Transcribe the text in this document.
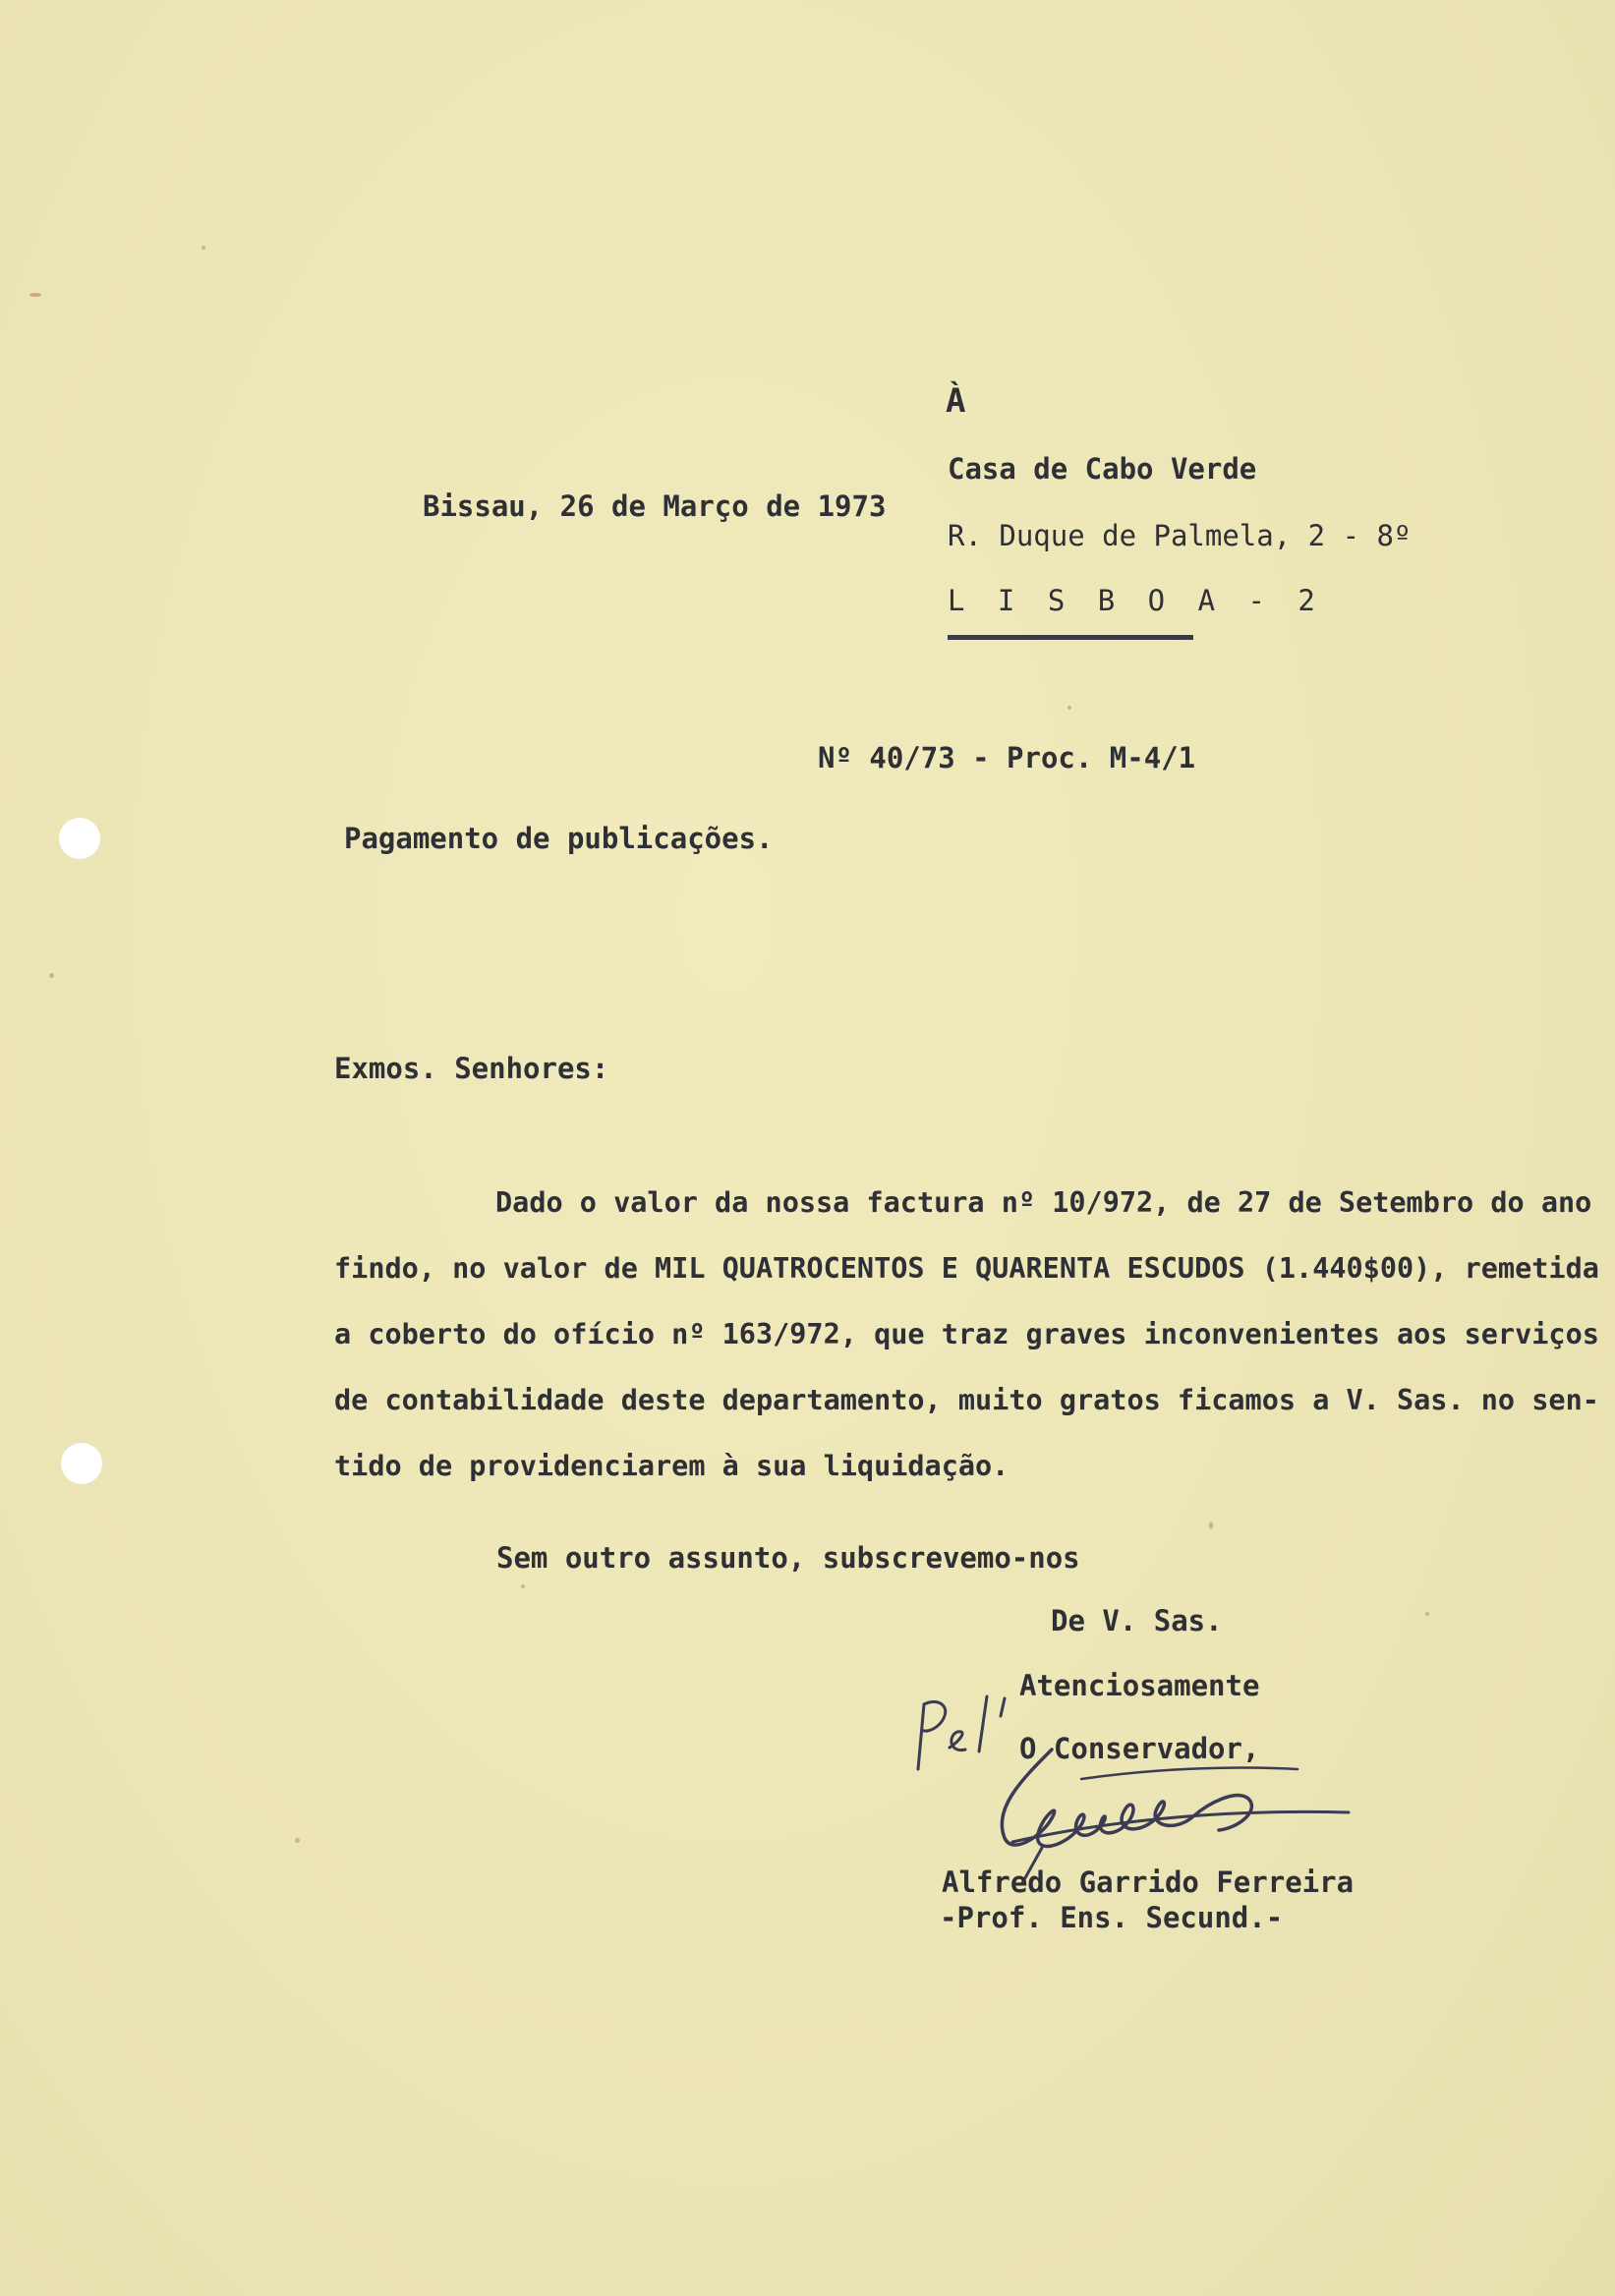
À
Casa de Cabo Verde
R. Duque de Palmela, 2 - 8º
L I S B O A - 2
Bissau, 26 de Março de 1973
Nº 40/73 - Proc. M-4/1
Pagamento de publicações.
Exmos. Senhores:
Dado o valor da nossa factura nº 10/972, de 27 de Setembro do ano
findo, no valor de MIL QUATROCENTOS E QUARENTA ESCUDOS (1.440$00), remetida
a coberto do ofício nº 163/972, que traz graves inconvenientes aos serviços
de contabilidade deste departamento, muito gratos ficamos a V. Sas. no sen-
tido de providenciarem à sua liquidação.
Sem outro assunto, subscrevemo-nos
De V. Sas.
Atenciosamente
O Conservador,
Alfredo Garrido Ferreira
-Prof. Ens. Secund.-
